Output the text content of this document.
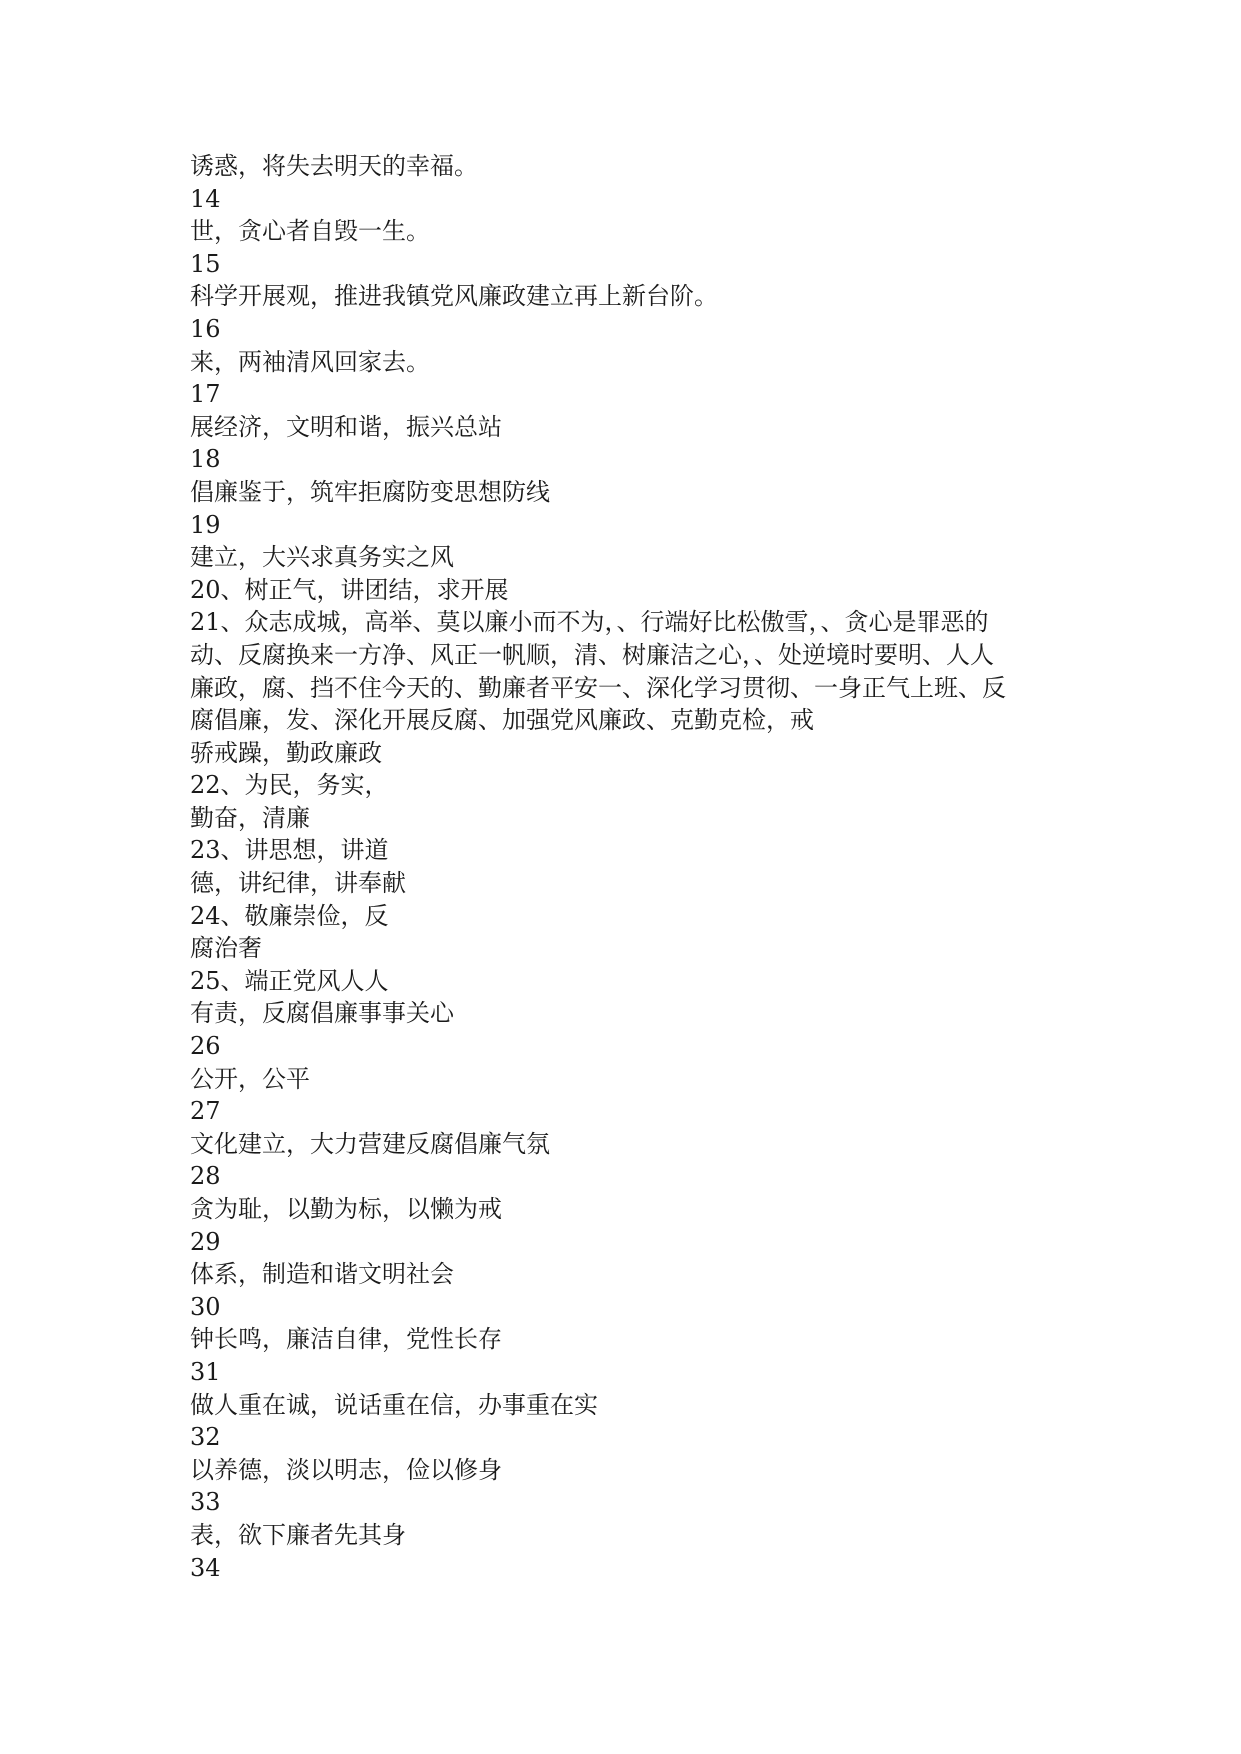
诱惑，将失去明天的幸福。
14
世，贪心者自毁一生。
15
科学开展观，推进我镇党风廉政建立再上新台阶。
16
来，两袖清风回家去。
17
展经济，文明和谐，振兴总站
18
倡廉鉴于，筑牢拒腐防变思想防线
19
建立，大兴求真务实之风
20、树正气，讲团结，求开展
21、众志成城，高举、莫以廉小而不为，、行端好比松傲雪，、贪心是罪恶的
动、反腐换来一方净、风正一帆顺，清、树廉洁之心，、处逆境时要明、人人
廉政，腐、挡不住今天的、勤廉者平安一、深化学习贯彻、一身正气上班、反
腐倡廉，发、深化开展反腐、加强党风廉政、克勤克检，戒
骄戒躁，勤政廉政
22、为民，务实，
勤奋，清廉
23、讲思想，讲道
德，讲纪律，讲奉献
24、敬廉崇俭，反
腐治奢
25、端正党风人人
有责，反腐倡廉事事关心
26
公开，公平
27
文化建立，大力营建反腐倡廉气氛
28
贪为耻，以勤为标，以懒为戒
29
体系，制造和谐文明社会
30
钟长鸣，廉洁自律，党性长存
31
做人重在诚，说话重在信，办事重在实
32
以养德，淡以明志，俭以修身
33
表，欲下廉者先其身
34
